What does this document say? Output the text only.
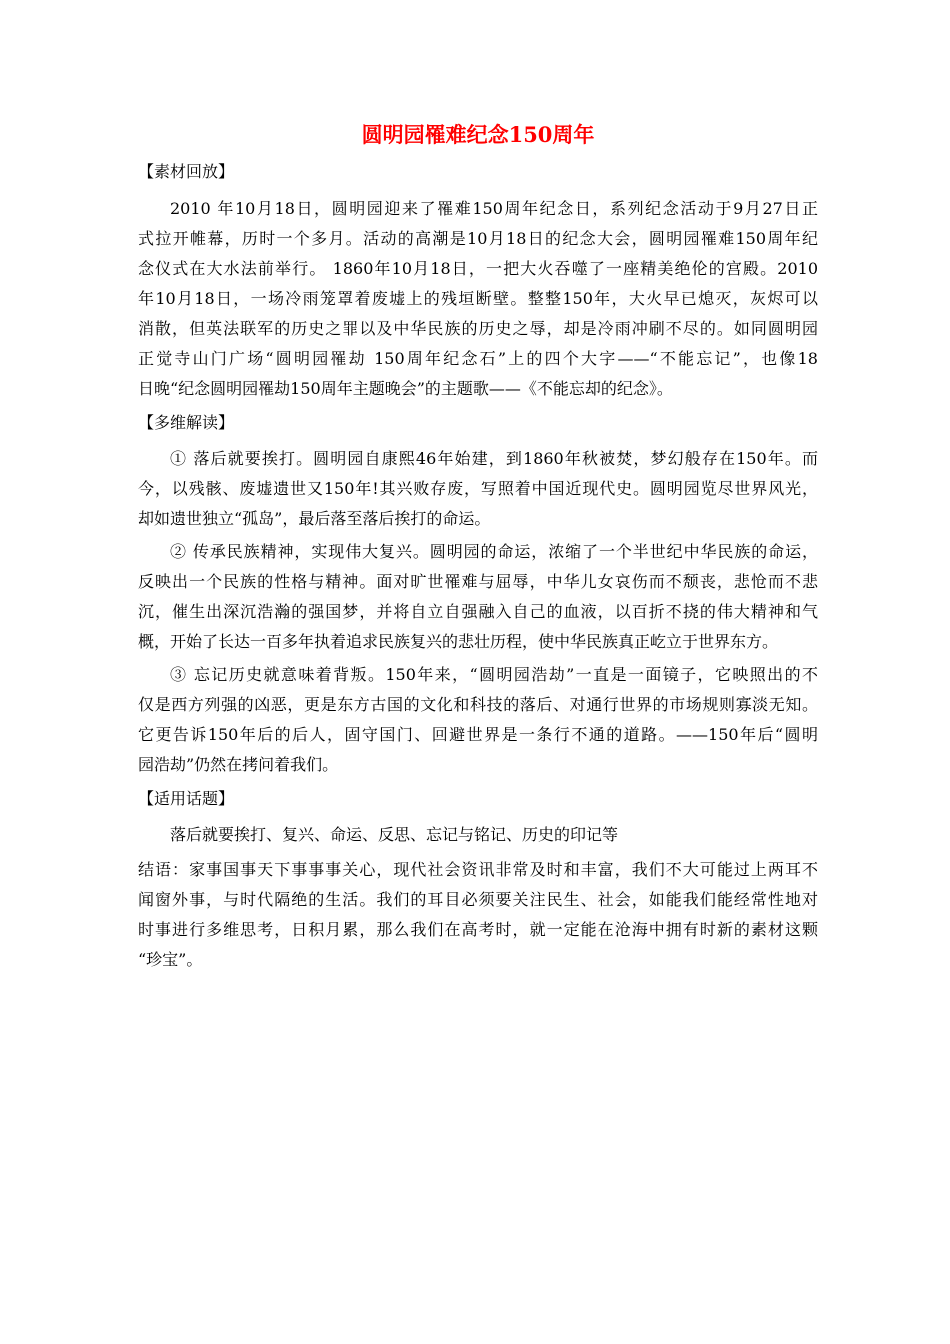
圆明园罹难纪念150周年
【素材回放】
2010 年10月18日，圆明园迎来了罹难150周年纪念日，系列纪念活动于9月27日正
式拉开帷幕，历时一个多月。活动的高潮是10月18日的纪念大会，圆明园罹难150周年纪
念仪式在大水法前举行。 1860年10月18日，一把大火吞噬了一座精美绝伦的宫殿。2010
年10月18日，一场冷雨笼罩着废墟上的残垣断壁。整整150年，大火早已熄灭，灰烬可以
消散，但英法联军的历史之罪以及中华民族的历史之辱，却是冷雨冲刷不尽的。如同圆明园
正觉寺山门广场“圆明园罹劫 150周年纪念石”上的四个大字——“不能忘记”，也像18
日晚“纪念圆明园罹劫150周年主题晚会”的主题歌——《不能忘却的纪念》。
【多维解读】
① 落后就要挨打。圆明园自康熙46年始建，到1860年秋被焚，梦幻般存在150年。而
今，以残骸、废墟遗世又150年!其兴败存废，写照着中国近现代史。圆明园览尽世界风光，
却如遗世独立“孤岛”，最后落至落后挨打的命运。
② 传承民族精神，实现伟大复兴。圆明园的命运，浓缩了一个半世纪中华民族的命运，
反映出一个民族的性格与精神。面对旷世罹难与屈辱，中华儿女哀伤而不颓丧，悲怆而不悲
沉，催生出深沉浩瀚的强国梦，并将自立自强融入自己的血液，以百折不挠的伟大精神和气
概，开始了长达一百多年执着追求民族复兴的悲壮历程，使中华民族真正屹立于世界东方。
③ 忘记历史就意味着背叛。150年来，“圆明园浩劫”一直是一面镜子，它映照出的不
仅是西方列强的凶恶，更是东方古国的文化和科技的落后、对通行世界的市场规则寡淡无知。
它更告诉150年后的后人，固守国门、回避世界是一条行不通的道路。——150年后“圆明
园浩劫”仍然在拷问着我们。
【适用话题】
落后就要挨打、复兴、命运、反思、忘记与铭记、历史的印记等
结语：家事国事天下事事事关心，现代社会资讯非常及时和丰富，我们不大可能过上两耳不
闻窗外事，与时代隔绝的生活。我们的耳目必须要关注民生、社会，如能我们能经常性地对
时事进行多维思考，日积月累，那么我们在高考时，就一定能在沧海中拥有时新的素材这颗
“珍宝”。
